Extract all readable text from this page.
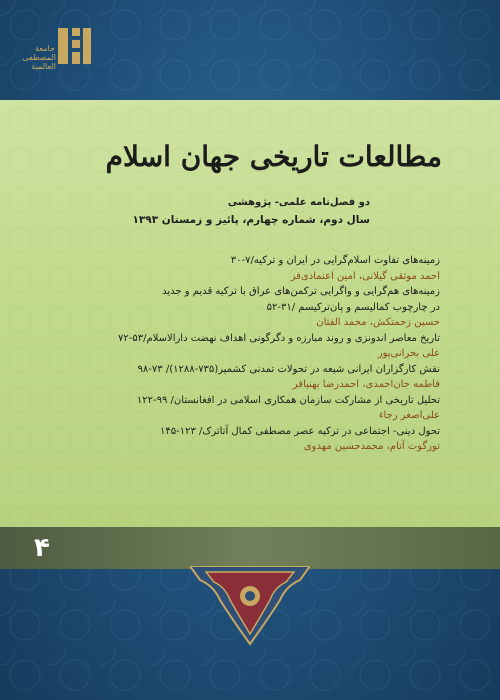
جامعة المصطفی العالمية
مطالعات تاریخی جهان اسلام
دو فصل‌نامه علمی- پژوهشی
سال دوم، شماره چهارم، پائیز و زمستان ۱۳۹۳
زمینه‌های تفاوت اسلام‌گرایی در ایران و ترکیه/۷-۳۰
احمد موثقی گیلانی، امین اعتمادی‌فر
زمینه‌های هم‌گرایی و واگرایی ترکمن‌های عراق با ترکیه قدیم و جدید
در چارچوب کمالیسم و پان‌ترکیسم /۳۱-۵۲
حسین زحمتکش، محمد الفتان
تاریخ معاصر اندونزی و روند مبارزه و دگرگونی اهداف نهضت دارالاسلام/۵۳-۷۲
علی بحرانی‌پور
نقش کارگزاران ایرانی شیعه در تحولات تمدنی کشمیر(۷۳۵-۱۲۸۸)/ ۷۳-۹۸
فاطمه جان‌احمدی، احمدرضا بهنیافر
تحلیل تاریخی از مشارکت سازمان همکاری اسلامی در افغانستان/ ۹۹-۱۲۲
علی‌اصغر رجاء
تحول دینی- اجتماعی در ترکیه عصر مصطفی کمال آتاترک/ ۱۲۳-۱۴۵
تورگوت آتام، محمدحسین مهدوی
۴
